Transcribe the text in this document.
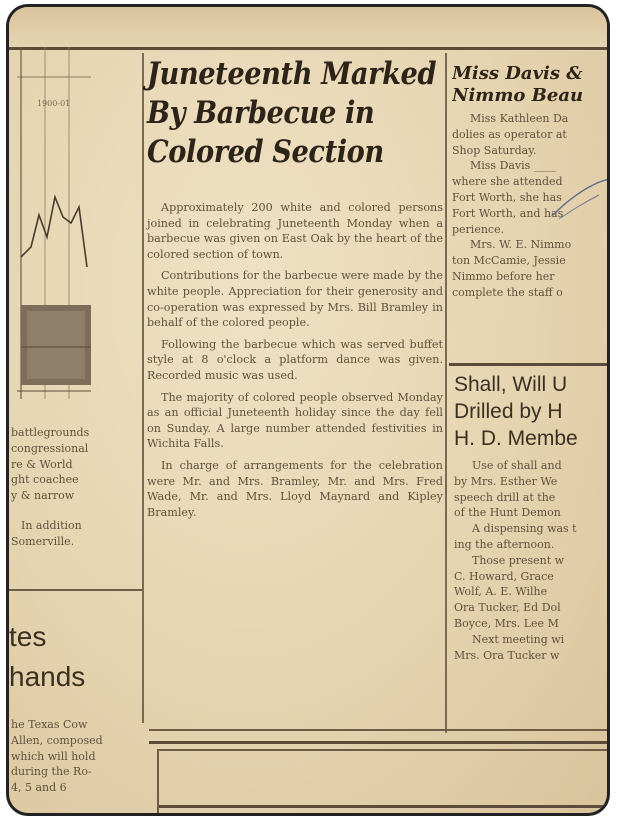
1900-01
battlegrounds
congressional
re & World
ght coachee
y & narrow
In addition
Somerville.
tes
hands
he Texas Cow
Allen, composed
which will hold
during the Ro-
4, 5 and 6
Juneteenth Marked
By Barbecue in
Colored Section

Approximately 200 white and colored persons joined in celebrating Juneteenth Monday when a barbecue was given on East Oak by the heart of the colored section of town.

Contributions for the barbecue were made by the white people. Appreciation for their generosity and co-operation was expressed by Mrs. Bill Bramley in behalf of the colored people.

Following the barbecue which was served buffet style at 8 o'clock a platform dance was given. Recorded music was used.

The majority of colored people observed Monday as an official Juneteenth holiday since the day fell on Sunday. A large number attended festivities in Wichita Falls.

In charge of arrangements for the celebration were Mr. and Mrs. Bramley, Mr. and Mrs. Fred Wade, Mr. and Mrs. Lloyd Maynard and Kipley Bramley.

Miss Davis &
Nimmo Beau
Miss Kathleen Da
dolies as operator at
Shop Saturday.
Miss Davis ____
where she attended
Fort Worth, she has
Fort Worth, and has
perience.
Mrs. W. E. Nimmo
ton McCamie, Jessie
Nimmo before her
complete the staff o
Shall, Will U
Drilled by H
H. D. Membe
Use of shall and
by Mrs. Esther We
speech drill at the
of the Hunt Demon
A dispensing was t
ing the afternoon.
Those present w
C. Howard, Grace
Wolf, A. E. Wilhe
Ora Tucker, Ed Dol
Boyce, Mrs. Lee M
Next meeting wi
Mrs. Ora Tucker w
